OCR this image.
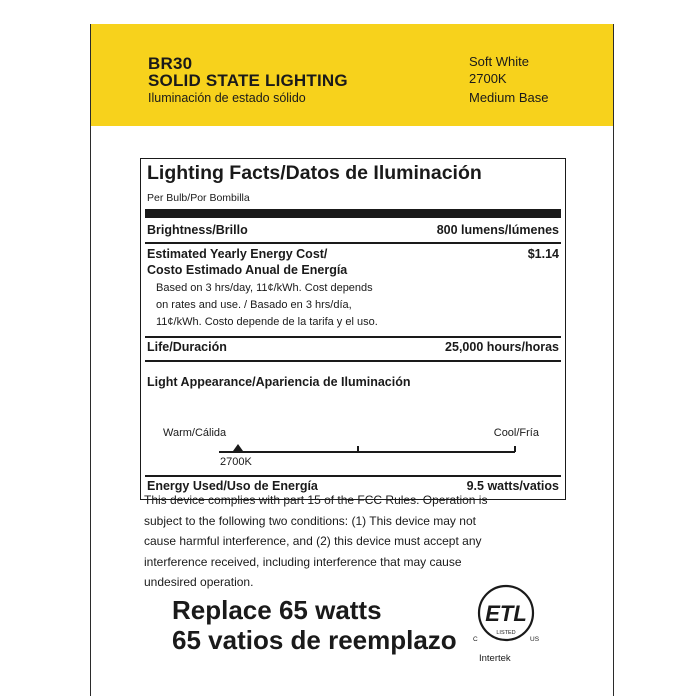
BR30
SOLID STATE LIGHTING
Iluminación de estado sólido
Soft White
2700K
Medium Base
Lighting Facts/Datos de Iluminación
Per Bulb/Por Bombilla
Brightness/Brillo	800 lumens/lúmenes
Estimated Yearly Energy Cost/
Costo Estimado Anual de Energía
$1.14
Based on 3 hrs/day, 11¢/kWh. Cost depends
on rates and use. / Basado en 3 hrs/día,
11¢/kWh. Costo depende de la tarifa y el uso.
Life/Duración	25,000 hours/horas
Light Appearance/Apariencia de Iluminación
Warm/Cálida	Cool/Fría
2700K
Energy Used/Uso de Energía	9.5 watts/vatios
This device complies with part 15 of the FCC Rules. Operation is
subject to the following two conditions: (1) This device may not
cause harmful interference, and (2) this device must accept any
interference received, including interference that may cause
undesired operation.
Replace 65 watts
65 vatios de reemplazo
ETL
LISTED
C	US
Intertek
